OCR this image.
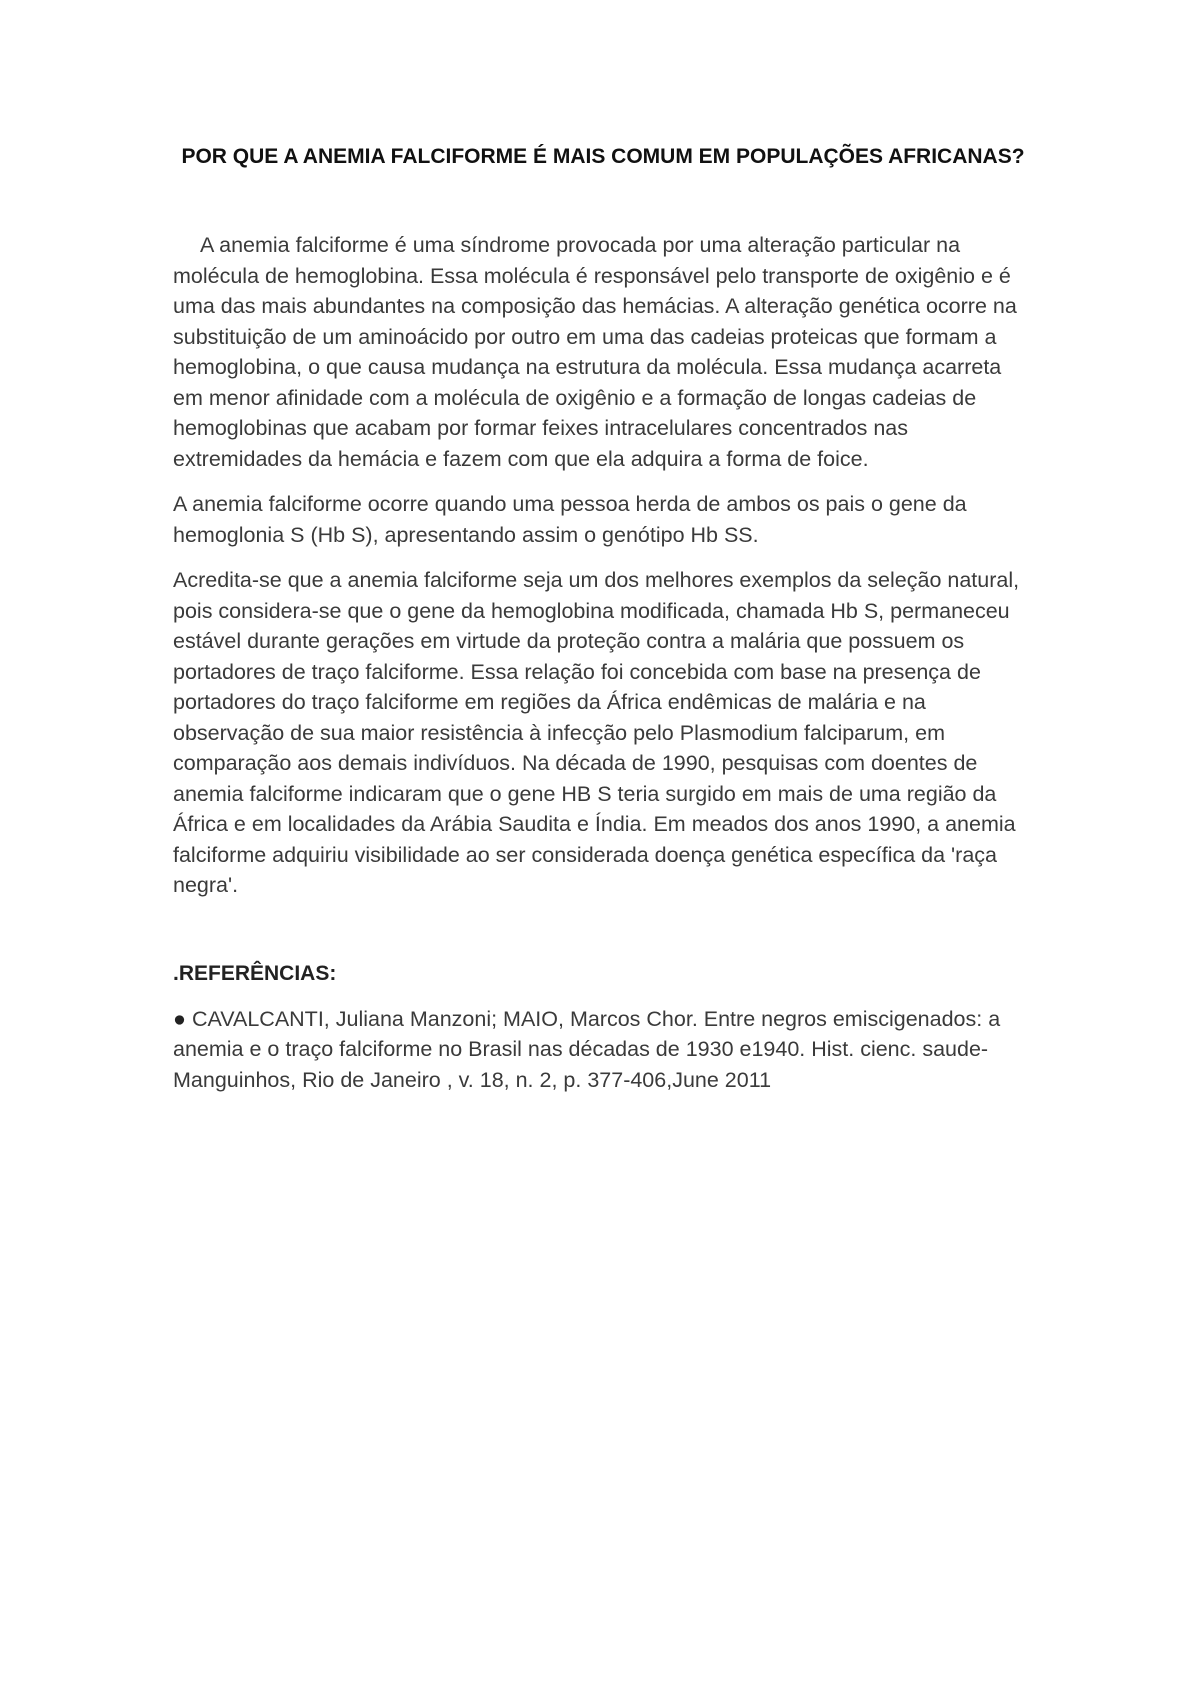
POR QUE A ANEMIA FALCIFORME É MAIS COMUM EM POPULAÇÕES AFRICANAS?

A anemia falciforme é uma síndrome provocada por uma alteração particular na molécula de hemoglobina. Essa molécula é responsável pelo transporte de oxigênio e é uma das mais abundantes na composição das hemácias. A alteração genética ocorre na substituição de um aminoácido por outro em uma das cadeias proteicas que formam a hemoglobina, o que causa mudança na estrutura da molécula. Essa mudança acarreta em menor afinidade com a molécula de oxigênio e a formação de longas cadeias de hemoglobinas que acabam por formar feixes intracelulares concentrados nas extremidades da hemácia e fazem com que ela adquira a forma de foice.

A anemia falciforme ocorre quando uma pessoa herda de ambos os pais o gene da hemoglonia S (Hb S), apresentando assim o genótipo Hb SS.

Acredita-se que a anemia falciforme seja um dos melhores exemplos da seleção natural, pois considera-se que o gene da hemoglobina modificada, chamada Hb S, permaneceu estável durante gerações em virtude da proteção contra a malária que possuem os portadores de traço falciforme. Essa relação foi concebida com base na presença de portadores do traço falciforme em regiões da África endêmicas de malária e na observação de sua maior resistência à infecção pelo Plasmodium falciparum, em comparação aos demais indivíduos. Na década de 1990, pesquisas com doentes de anemia falciforme indicaram que o gene HB S teria surgido em mais de uma região da África e em localidades da Arábia Saudita e Índia. Em meados dos anos 1990, a anemia falciforme adquiriu visibilidade ao ser considerada doença genética específica da 'raça negra'.

.REFERÊNCIAS:

● CAVALCANTI, Juliana Manzoni; MAIO, Marcos Chor. Entre negros emiscigenados: a anemia e o traço falciforme no Brasil nas décadas de 1930 e1940. Hist. cienc. saude-Manguinhos, Rio de Janeiro , v. 18, n. 2, p. 377-406,June 2011
